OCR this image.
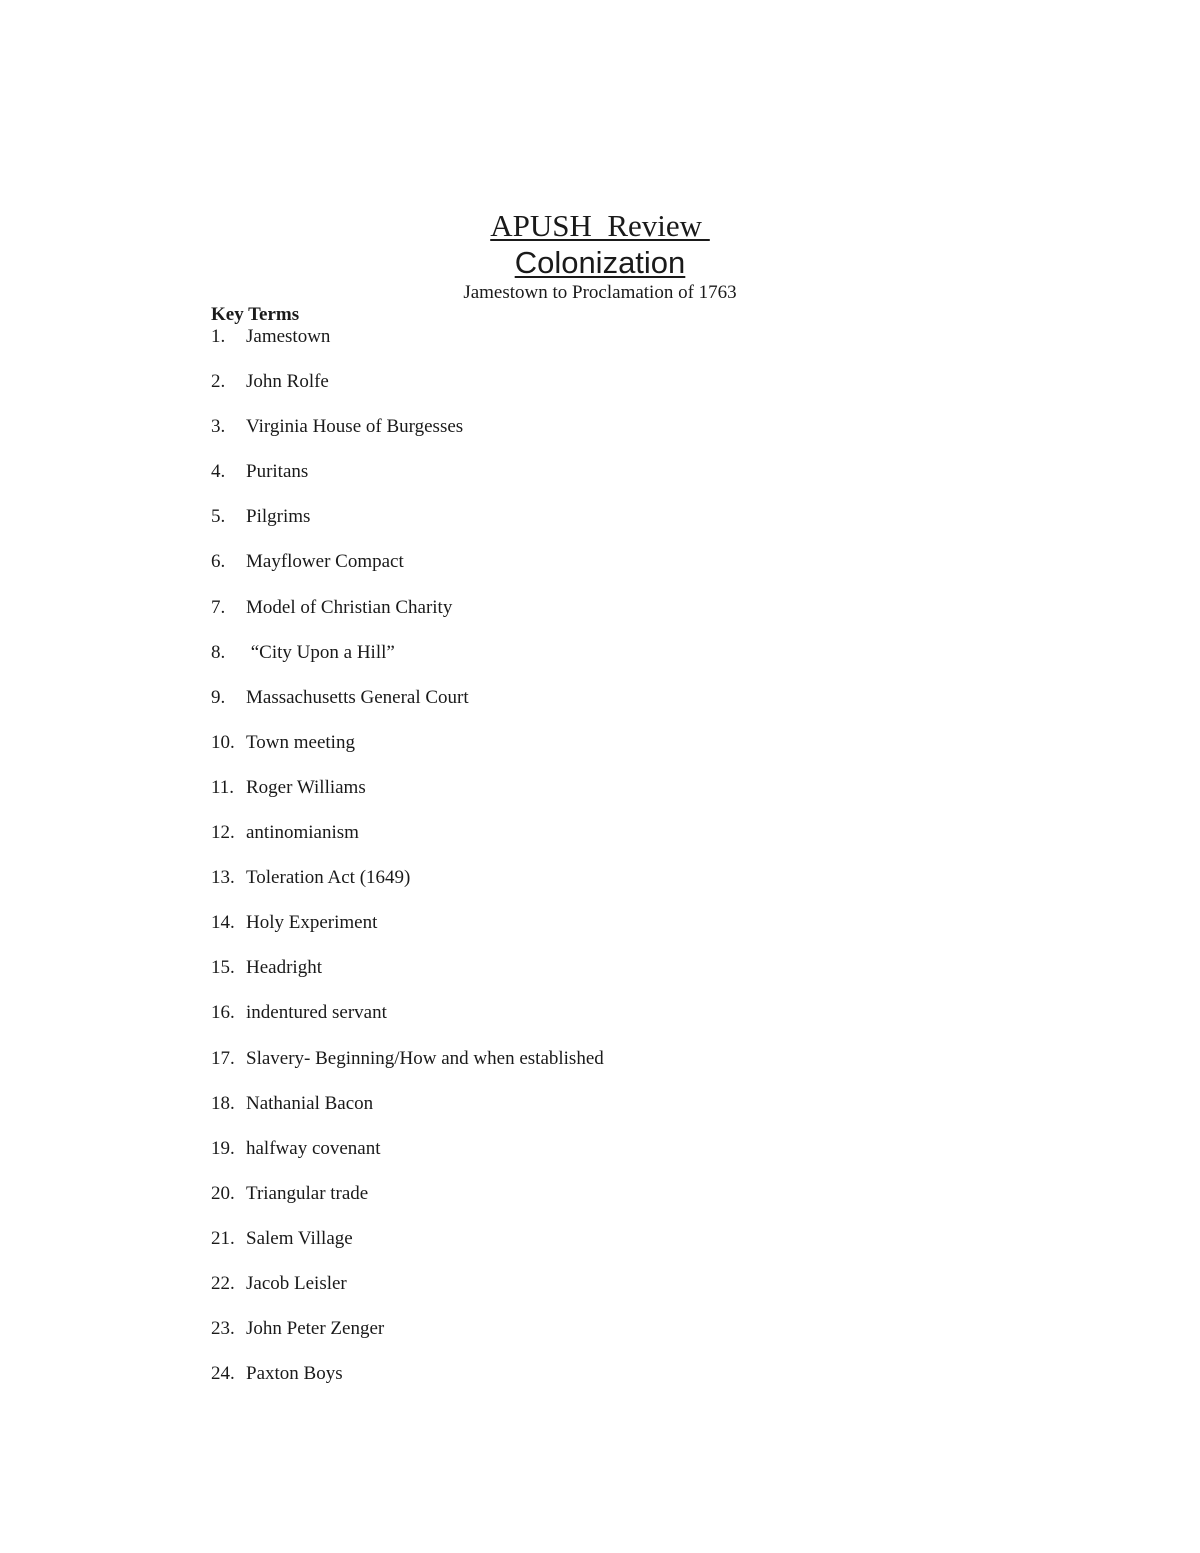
APUSH  Review
Colonization
Jamestown to Proclamation of 1763
Key Terms
1. Jamestown
2. John Rolfe
3. Virginia House of Burgesses
4. Puritans
5. Pilgrims
6. Mayflower Compact
7. Model of Christian Charity
8. “City Upon a Hill”
9. Massachusetts General Court
10. Town meeting
11. Roger Williams
12. antinomianism
13. Toleration Act (1649)
14. Holy Experiment
15. Headright
16. indentured servant
17. Slavery- Beginning/How and when established
18. Nathanial Bacon
19. halfway covenant
20. Triangular trade
21. Salem Village
22. Jacob Leisler
23. John Peter Zenger
24. Paxton Boys
